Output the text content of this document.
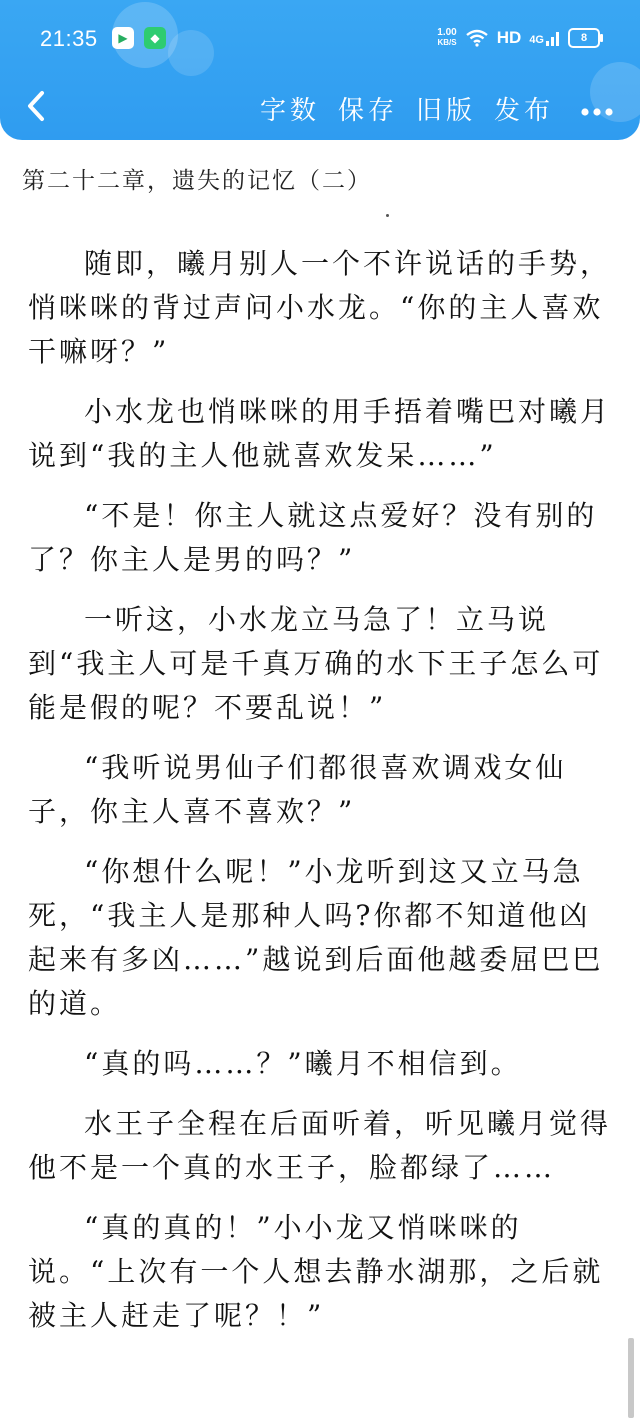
21:35	▶	◆	1.00
KB/S HD 4G	8
字数 保存 旧版 发布
第二十二章，遗失的记忆（二）

随即，曦月别人一个不许说话的手势，悄咪咪的背过声问小水龙。“你的主人喜欢干嘛呀？”

小水龙也悄咪咪的用手捂着嘴巴对曦月说到“我的主人他就喜欢发呆……”

“不是！你主人就这点爱好？没有别的了？你主人是男的吗？”

一听这，小水龙立马急了！立马说到“我主人可是千真万确的水下王子怎么可能是假的呢？不要乱说！”

“我听说男仙子们都很喜欢调戏女仙子，你主人喜不喜欢？”

“你想什么呢！”小龙听到这又立马急死，“我主人是那种人吗?你都不知道他凶起来有多凶……”越说到后面他越委屈巴巴的道。

“真的吗……？”曦月不相信到。

水王子全程在后面听着，听见曦月觉得他不是一个真的水王子，脸都绿了……

“真的真的！”小小龙又悄咪咪的说。“上次有一个人想去静水湖那，之后就被主人赶走了呢？！”
